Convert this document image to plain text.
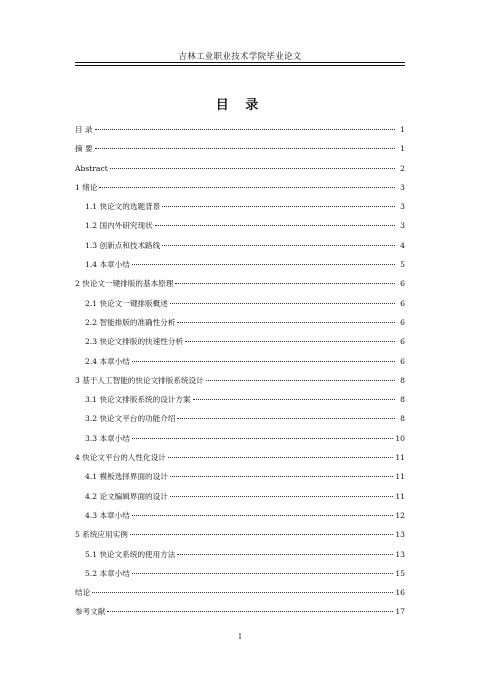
吉林工业职业技术学院毕业论文
目 录
目 录	1
摘 要	1
Abstract	2
1 绪论	3
1.1 快论文的选题背景	3
1.2 国内外研究现状	3
1.3 创新点和技术路线	4
1.4 本章小结	5
2 快论文一键排版的基本原理	6
2.1 快论文一键排版概述	6
2.2 智能排版的准确性分析	6
2.3 快论文排版的快速性分析	6
2.4 本章小结	6
3 基于人工智能的快论文排版系统设计	8
3.1 快论文排版系统的设计方案	8
3.2 快论文平台的功能介绍	8
3.3 本章小结	10
4 快论文平台的人性化设计	11
4.1 模板选择界面的设计	11
4.2 论文编辑界面的设计	11
4.3 本章小结	12
5 系统应用实例	13
5.1 快论文系统的使用方法	13
5.2 本章小结	15
结论	16
参考文献	17
I
